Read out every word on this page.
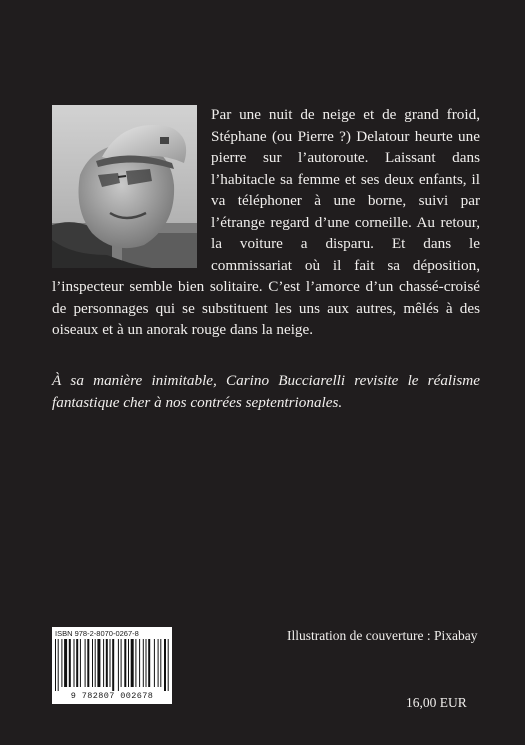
Par une nuit de neige et de grand froid, Stéphane (ou Pierre ?) Delatour heurte une pierre sur l’autoroute. Laissant dans l’habitacle sa femme et ses deux enfants, il va téléphoner à une borne, suivi par l’étrange regard d’une corneille. Au retour, la voiture a disparu. Et dans le commissariat où il fait sa déposition, l’inspecteur semble bien solitaire. C’est l’amorce d’un chassé-croisé de personnages qui se substituent les uns aux autres, mêlés à des oiseaux et à un anorak rouge dans la neige.

À sa manière inimitable, Carino Bucciarelli revisite le réalisme fantastique cher à nos contrées septentrionales.

ISBN 978-2-8070-0267-8
9 782807 002678
Illustration de couverture : Pixabay
16,00 EUR
